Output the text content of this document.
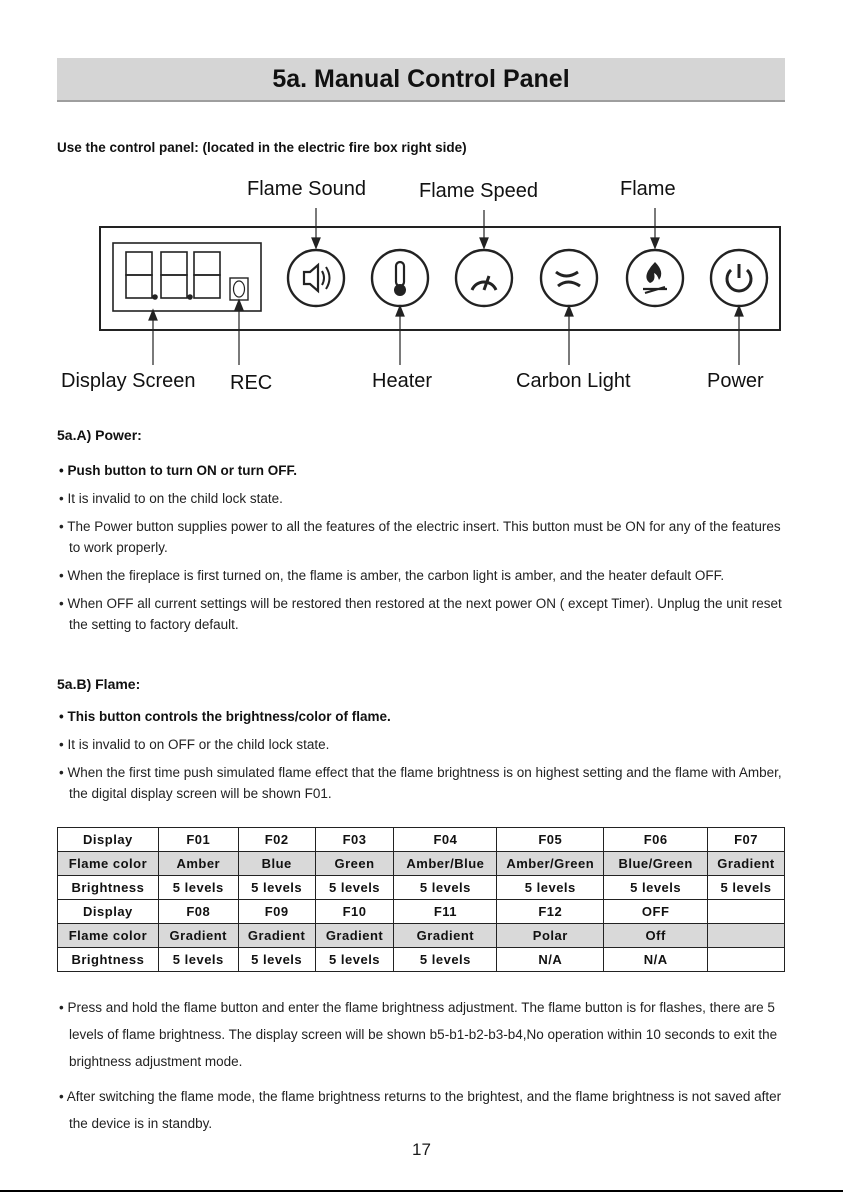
5a. Manual Control Panel
Use the control panel: (located in the electric fire box right side)
Flame Sound	Flame Speed	Flame
Display Screen REC	Heater	Carbon Light	Power
5a.A) Power:
• Push button to turn ON or turn OFF.
• It is invalid to on the child lock state.
• The Power button supplies power to all the features of the electric insert. This button must be ON for any of the features to work properly.
• When the fireplace is first turned on, the flame is amber, the carbon light is amber, and the heater default OFF.
• When OFF all current settings will be restored then restored at the next power ON ( except Timer). Unplug the unit reset the setting to factory default.
5a.B) Flame:
• This button controls the brightness/color of flame.
• It is invalid to on OFF or the child lock state.
• When the first time push simulated flame effect that the flame brightness is on highest setting and the flame with Amber, the digital display screen will be shown F01.
Display	F01	F02	F03	F04	F05	F06	F07
Flame color	Amber	Blue	Green	Amber/Blue	Amber/Green	Blue/Green	Gradient
Brightness	5 levels	5 levels	5 levels	5 levels	5 levels	5 levels	5 levels
Display	F08	F09	F10	F11	F12	OFF	
Flame color	Gradient	Gradient	Gradient	Gradient	Polar	Off	
Brightness	5 levels	5 levels	5 levels	5 levels	N/A	N/A	
• Press and hold the flame button and enter the flame brightness adjustment. The flame button is for flashes, there are 5 levels of flame brightness. The display screen will be shown b5-b1-b2-b3-b4,No operation within 10 seconds to exit the brightness adjustment mode.
• After switching the flame mode, the flame brightness returns to the brightest, and the flame brightness is not saved after the device is in standby.
17
